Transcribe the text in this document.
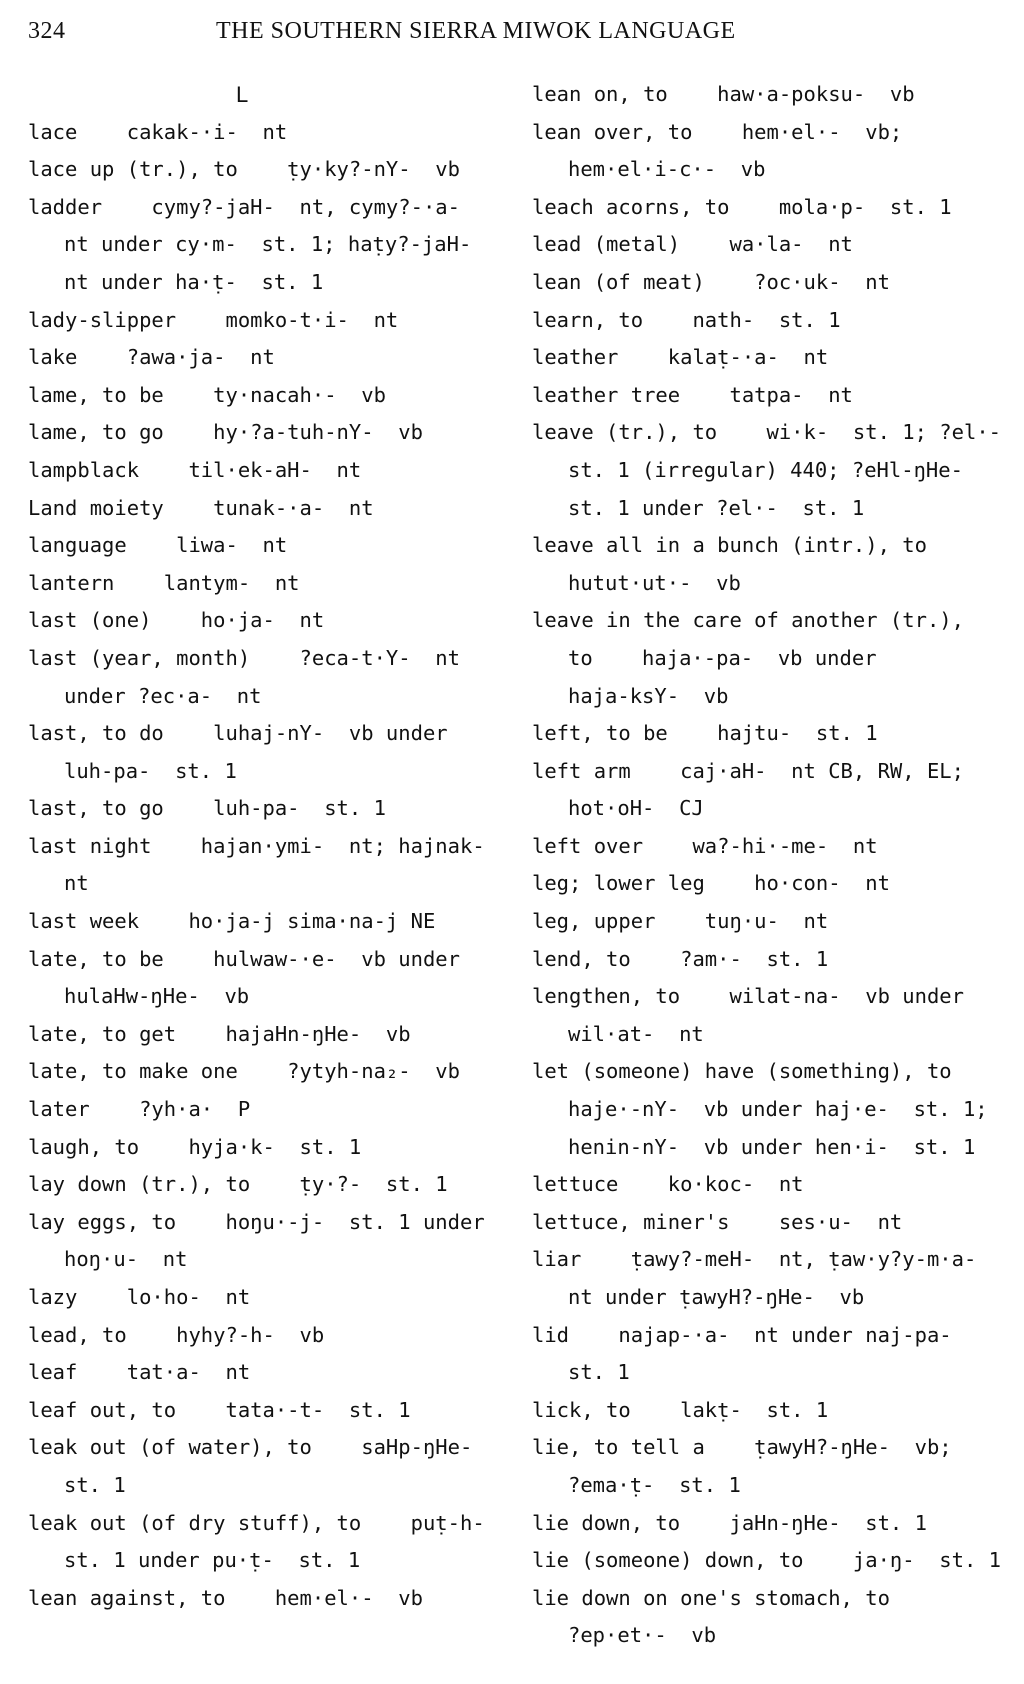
324	THE SOUTHERN SIERRA MIWOK LANGUAGE
L
lace    cakak-·i-  nt
lace up (tr.), to    ṭy·ky?-nY-  vb
ladder    cymy?-jaH-  nt, cymy?-·a-
nt under cy·m-  st. 1; haṭy?-jaH-
nt under ha·ṭ-  st. 1
lady-slipper    momko-t·i-  nt
lake    ?awa·ja-  nt
lame, to be    ty·nacah·-  vb
lame, to go    hy·?a-tuh-nY-  vb
lampblack    til·ek-aH-  nt
Land moiety    tunak-·a-  nt
language    liwa-  nt
lantern    lantym-  nt
last (one)    ho·ja-  nt
last (year, month)    ?eca-t·Y-  nt
under ?ec·a-  nt
last, to do    luhaj-nY-  vb under
luh-pa-  st. 1
last, to go    luh-pa-  st. 1
last night    hajan·ymi-  nt; hajnak-
nt
last week    ho·ja-j sima·na-j NE
late, to be    hulwaw-·e-  vb under
hulaHw-ŋHe-  vb
late, to get    hajaHn-ŋHe-  vb
late, to make one    ?ytyh-na₂-  vb
later    ?yh·a·  P
laugh, to    hyja·k-  st. 1
lay down (tr.), to    ṭy·?-  st. 1
lay eggs, to    hoŋu·-j-  st. 1 under
hoŋ·u-  nt
lazy    lo·ho-  nt
lead, to    hyhy?-h-  vb
leaf    tat·a-  nt
leaf out, to    tata·-t-  st. 1
leak out (of water), to    saHp-ŋHe-
st. 1
leak out (of dry stuff), to    puṭ-h-
st. 1 under pu·ṭ-  st. 1
lean against, to    hem·el·-  vb
lean on, to    haw·a-poksu-  vb
lean over, to    hem·el·-  vb;
hem·el·i-c·-  vb
leach acorns, to    mola·p-  st. 1
lead (metal)    wa·la-  nt
lean (of meat)    ?oc·uk-  nt
learn, to    nath-  st. 1
leather    kalaṭ-·a-  nt
leather tree    tatpa-  nt
leave (tr.), to    wi·k-  st. 1; ?el·-
st. 1 (irregular) 440; ?eHl-ŋHe-
st. 1 under ?el·-  st. 1
leave all in a bunch (intr.), to
hutut·ut·-  vb
leave in the care of another (tr.),
to    haja·-pa-  vb under
haja-ksY-  vb
left, to be    hajtu-  st. 1
left arm    caj·aH-  nt CB, RW, EL;
hot·oH-  CJ
left over    wa?-hi·-me-  nt
leg; lower leg    ho·con-  nt
leg, upper    tuŋ·u-  nt
lend, to    ?am·-  st. 1
lengthen, to    wilat-na-  vb under
wil·at-  nt
let (someone) have (something), to
haje·-nY-  vb under haj·e-  st. 1;
henin-nY-  vb under hen·i-  st. 1
lettuce    ko·koc-  nt
lettuce, miner's    ses·u-  nt
liar    ṭawy?-meH-  nt, ṭaw·y?y-m·a-
nt under ṭawyH?-ŋHe-  vb
lid    najap-·a-  nt under naj-pa-
st. 1
lick, to    lakṭ-  st. 1
lie, to tell a    ṭawyH?-ŋHe-  vb;
?ema·ṭ-  st. 1
lie down, to    jaHn-ŋHe-  st. 1
lie (someone) down, to    ja·ŋ-  st. 1
lie down on one's stomach, to
?ep·et·-  vb
